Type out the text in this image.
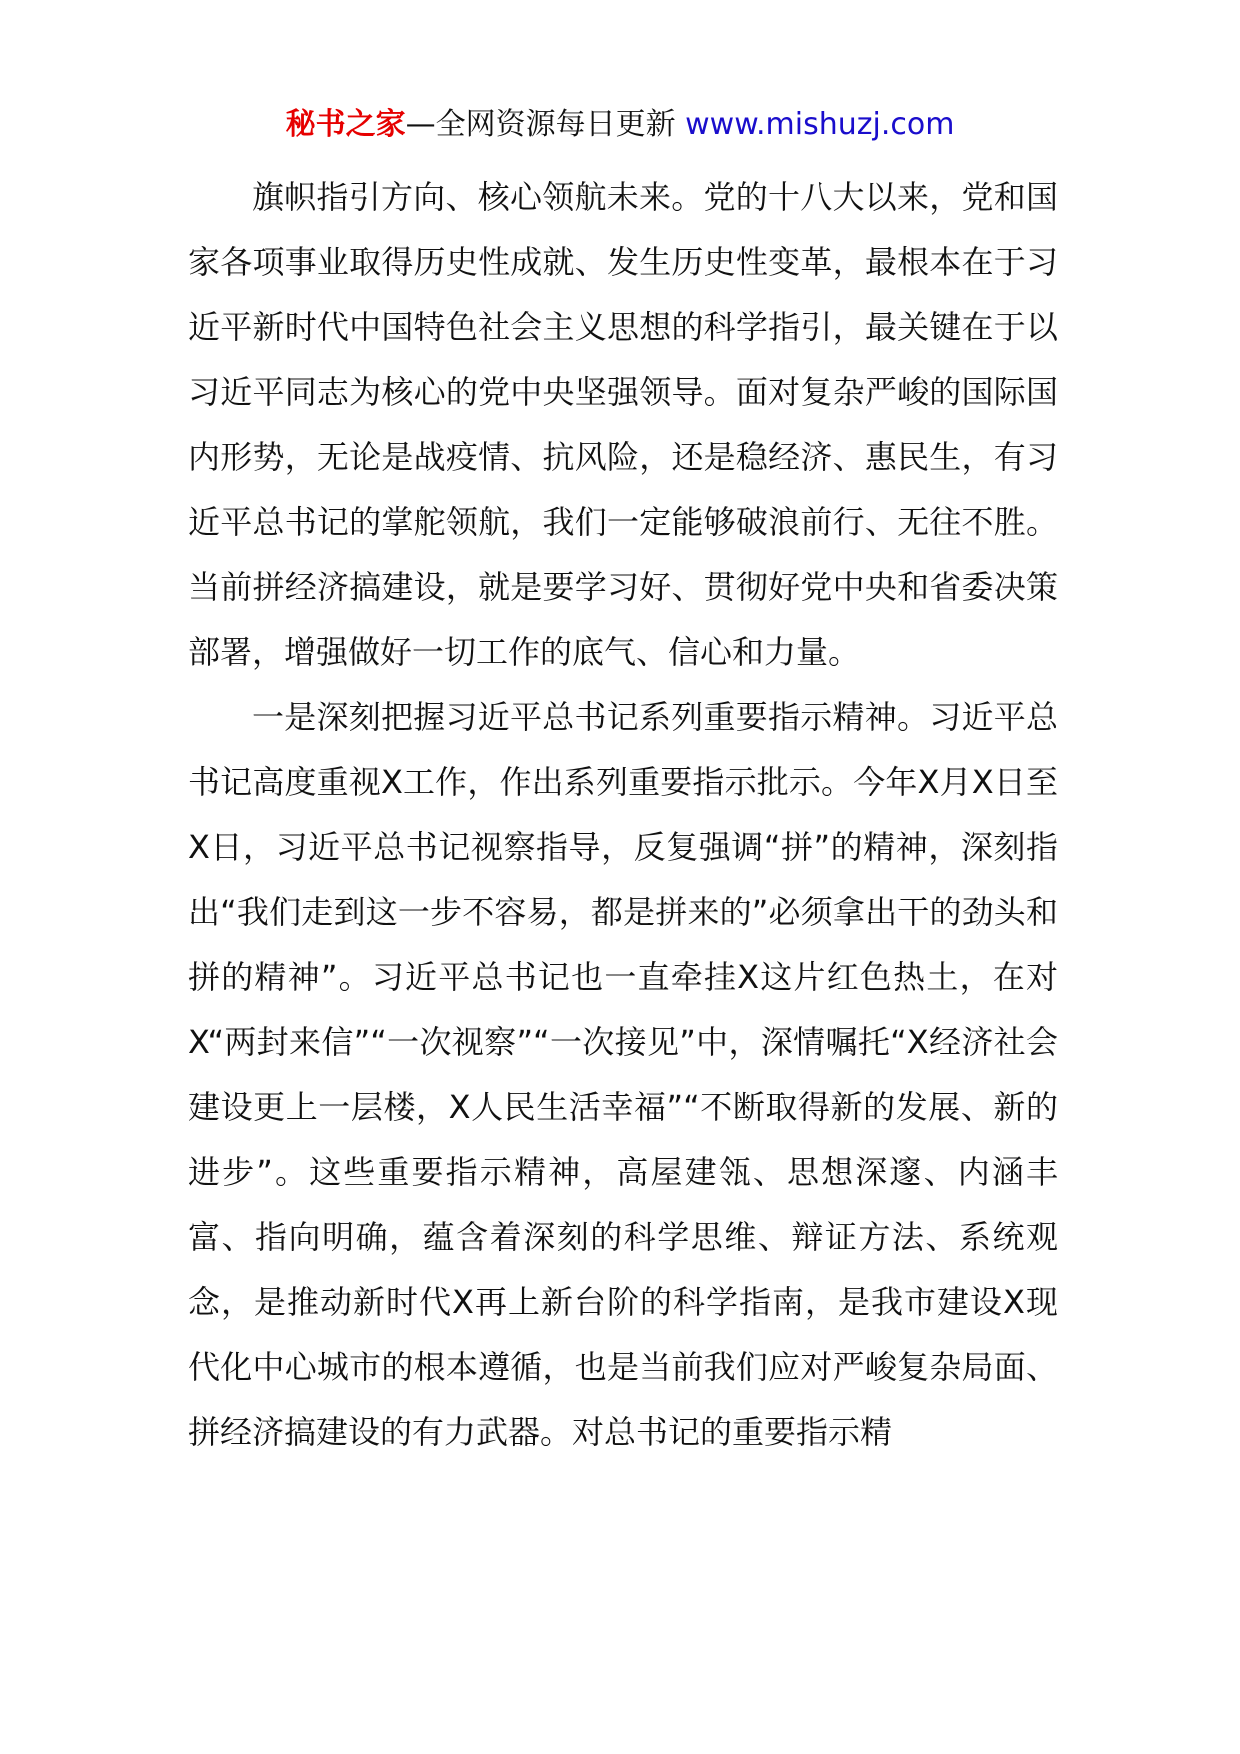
秘书之家—全网资源每日更新 www.mishuzj.com

旗帜指引方向、核心领航未来。党的十八大以来，党和国家各项事业取得历史性成就、发生历史性变革，最根本在于习近平新时代中国特色社会主义思想的科学指引，最关键在于以习近平同志为核心的党中央坚强领导。面对复杂严峻的国际国内形势，无论是战疫情、抗风险，还是稳经济、惠民生，有习近平总书记的掌舵领航，我们一定能够破浪前行、无往不胜。当前拼经济搞建设，就是要学习好、贯彻好党中央和省委决策部署，增强做好一切工作的底气、信心和力量。

一是深刻把握习近平总书记系列重要指示精神。习近平总书记高度重视X工作，作出系列重要指示批示。今年X月X日至X日，习近平总书记视察指导，反复强调“拼”的精神，深刻指出“我们走到这一步不容易，都是拼来的”必须拿出干的劲头和拼的精神”。习近平总书记也一直牵挂X这片红色热土，在对X“两封来信”“一次视察”“一次接见”中，深情嘱托“X经济社会建设更上一层楼，X人民生活幸福”“不断取得新的发展、新的进步”。这些重要指示精神，高屋建瓴、思想深邃、内涵丰富、指向明确，蕴含着深刻的科学思维、辩证方法、系统观念，是推动新时代X再上新台阶的科学指南，是我市建设X现代化中心城市的根本遵循，也是当前我们应对严峻复杂局面、拼经济搞建设的有力武器。对总书记的重要指示精
